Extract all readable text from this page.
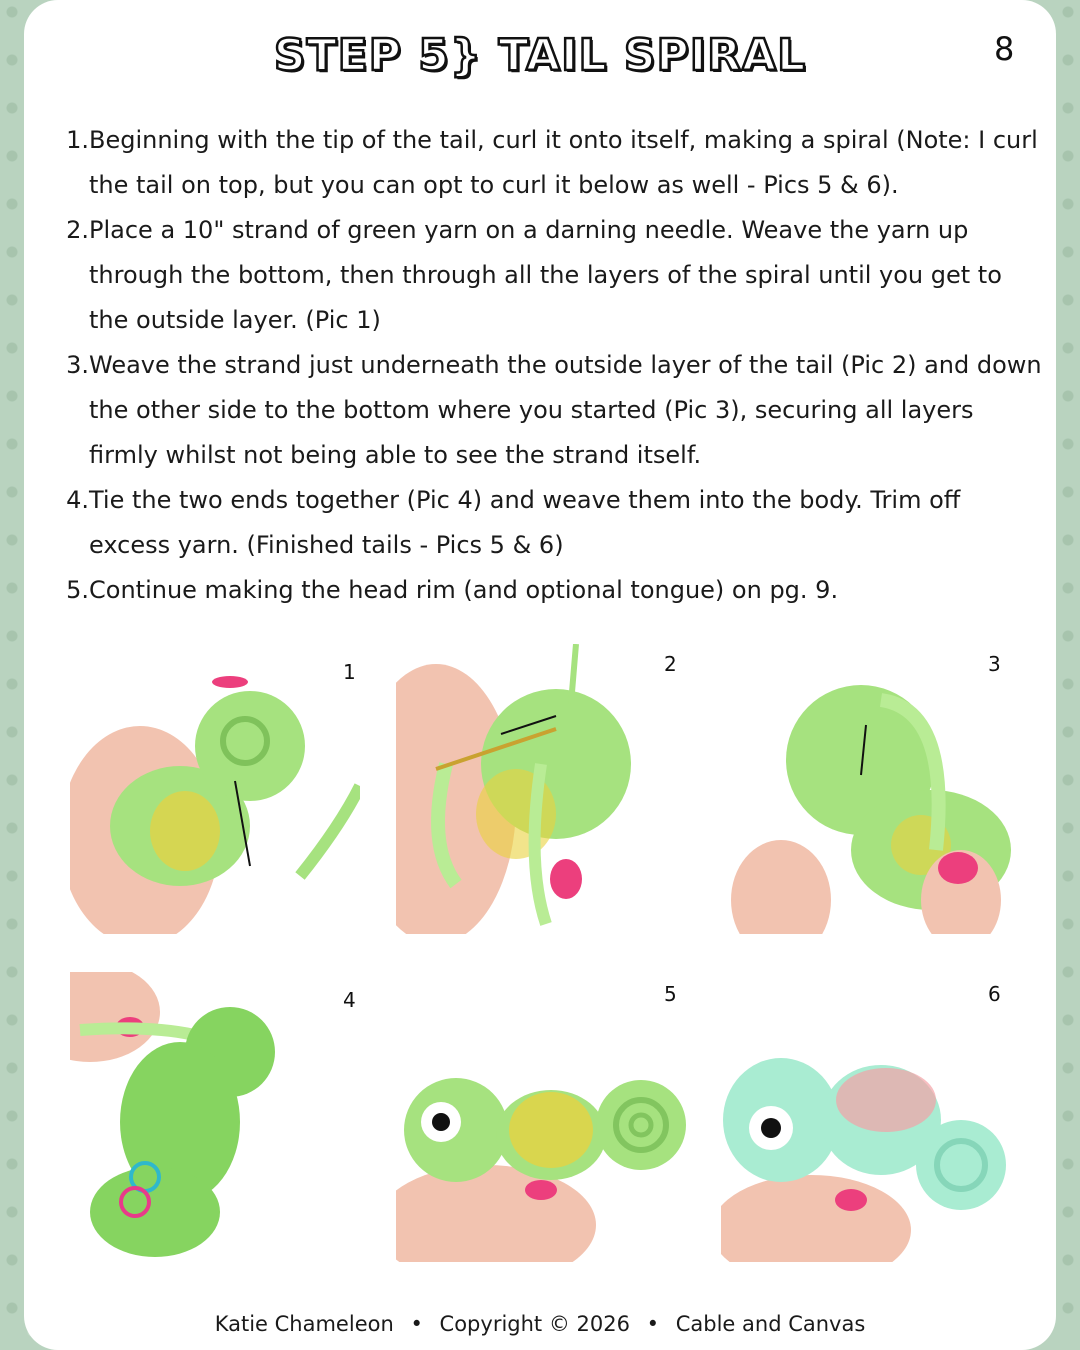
STEP 5} TAIL SPIRAL	8
1. Beginning with the tip of the tail, curl it onto itself, making a spiral (Note: I curl the tail on top, but you can opt to curl it below as well - Pics 5 & 6).
2. Place a 10" strand of green yarn on a darning needle. Weave the yarn up through the bottom, then through all the layers of the spiral until you get to the outside layer. (Pic 1)
3. Weave the strand just underneath the outside layer of the tail (Pic 2) and down the other side to the bottom where you started (Pic 3), securing all layers firmly whilst not being able to see the strand itself.
4. Tie the two ends together (Pic 4) and weave them into the body. Trim off excess yarn. (Finished tails - Pics 5 & 6)
5. Continue making the head rim (and optional tongue) on pg. 9.
1	2	3
4	5	6
Katie Chameleon • Copyright © 2026 • Cable and Canvas
